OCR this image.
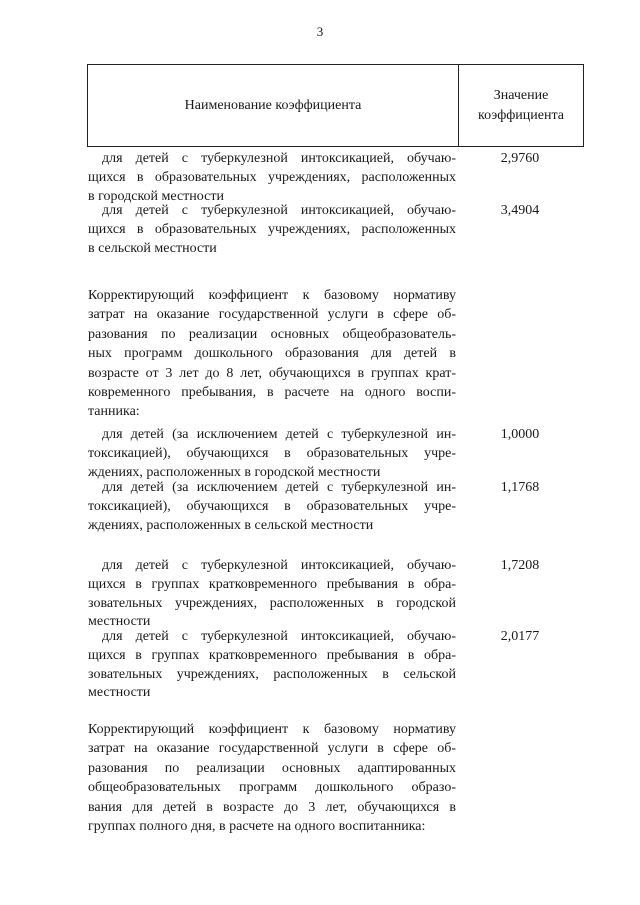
3
Наименование коэффициента
Значение
коэффициента
для детей с туберкулезной интоксикацией, обучаю-
щихся в образовательных учреждениях, расположенных
в городской местности
2,9760
для детей с туберкулезной интоксикацией, обучаю-
щихся в образовательных учреждениях, расположенных
в сельской местности
3,4904
Корректирующий коэффициент к базовому нормативу
затрат на оказание государственной услуги в сфере об-
разования по реализации основных общеобразователь-
ных программ дошкольного образования для детей в
возрасте от 3 лет до 8 лет, обучающихся в группах крат-
ковременного пребывания, в расчете на одного воспи-
танника:
для детей (за исключением детей с туберкулезной ин-
токсикацией), обучающихся в образовательных учре-
ждениях, расположенных в городской местности
1,0000
для детей (за исключением детей с туберкулезной ин-
токсикацией), обучающихся в образовательных учре-
ждениях, расположенных в сельской местности
1,1768
для детей с туберкулезной интоксикацией, обучаю-
щихся в группах кратковременного пребывания в обра-
зовательных учреждениях, расположенных в городской
местности
1,7208
для детей с туберкулезной интоксикацией, обучаю-
щихся в группах кратковременного пребывания в обра-
зовательных учреждениях, расположенных в сельской
местности
2,0177
Корректирующий коэффициент к базовому нормативу
затрат на оказание государственной услуги в сфере об-
разования по реализации основных адаптированных
общеобразовательных программ дошкольного образо-
вания для детей в возрасте до 3 лет, обучающихся в
группах полного дня, в расчете на одного воспитанника:
